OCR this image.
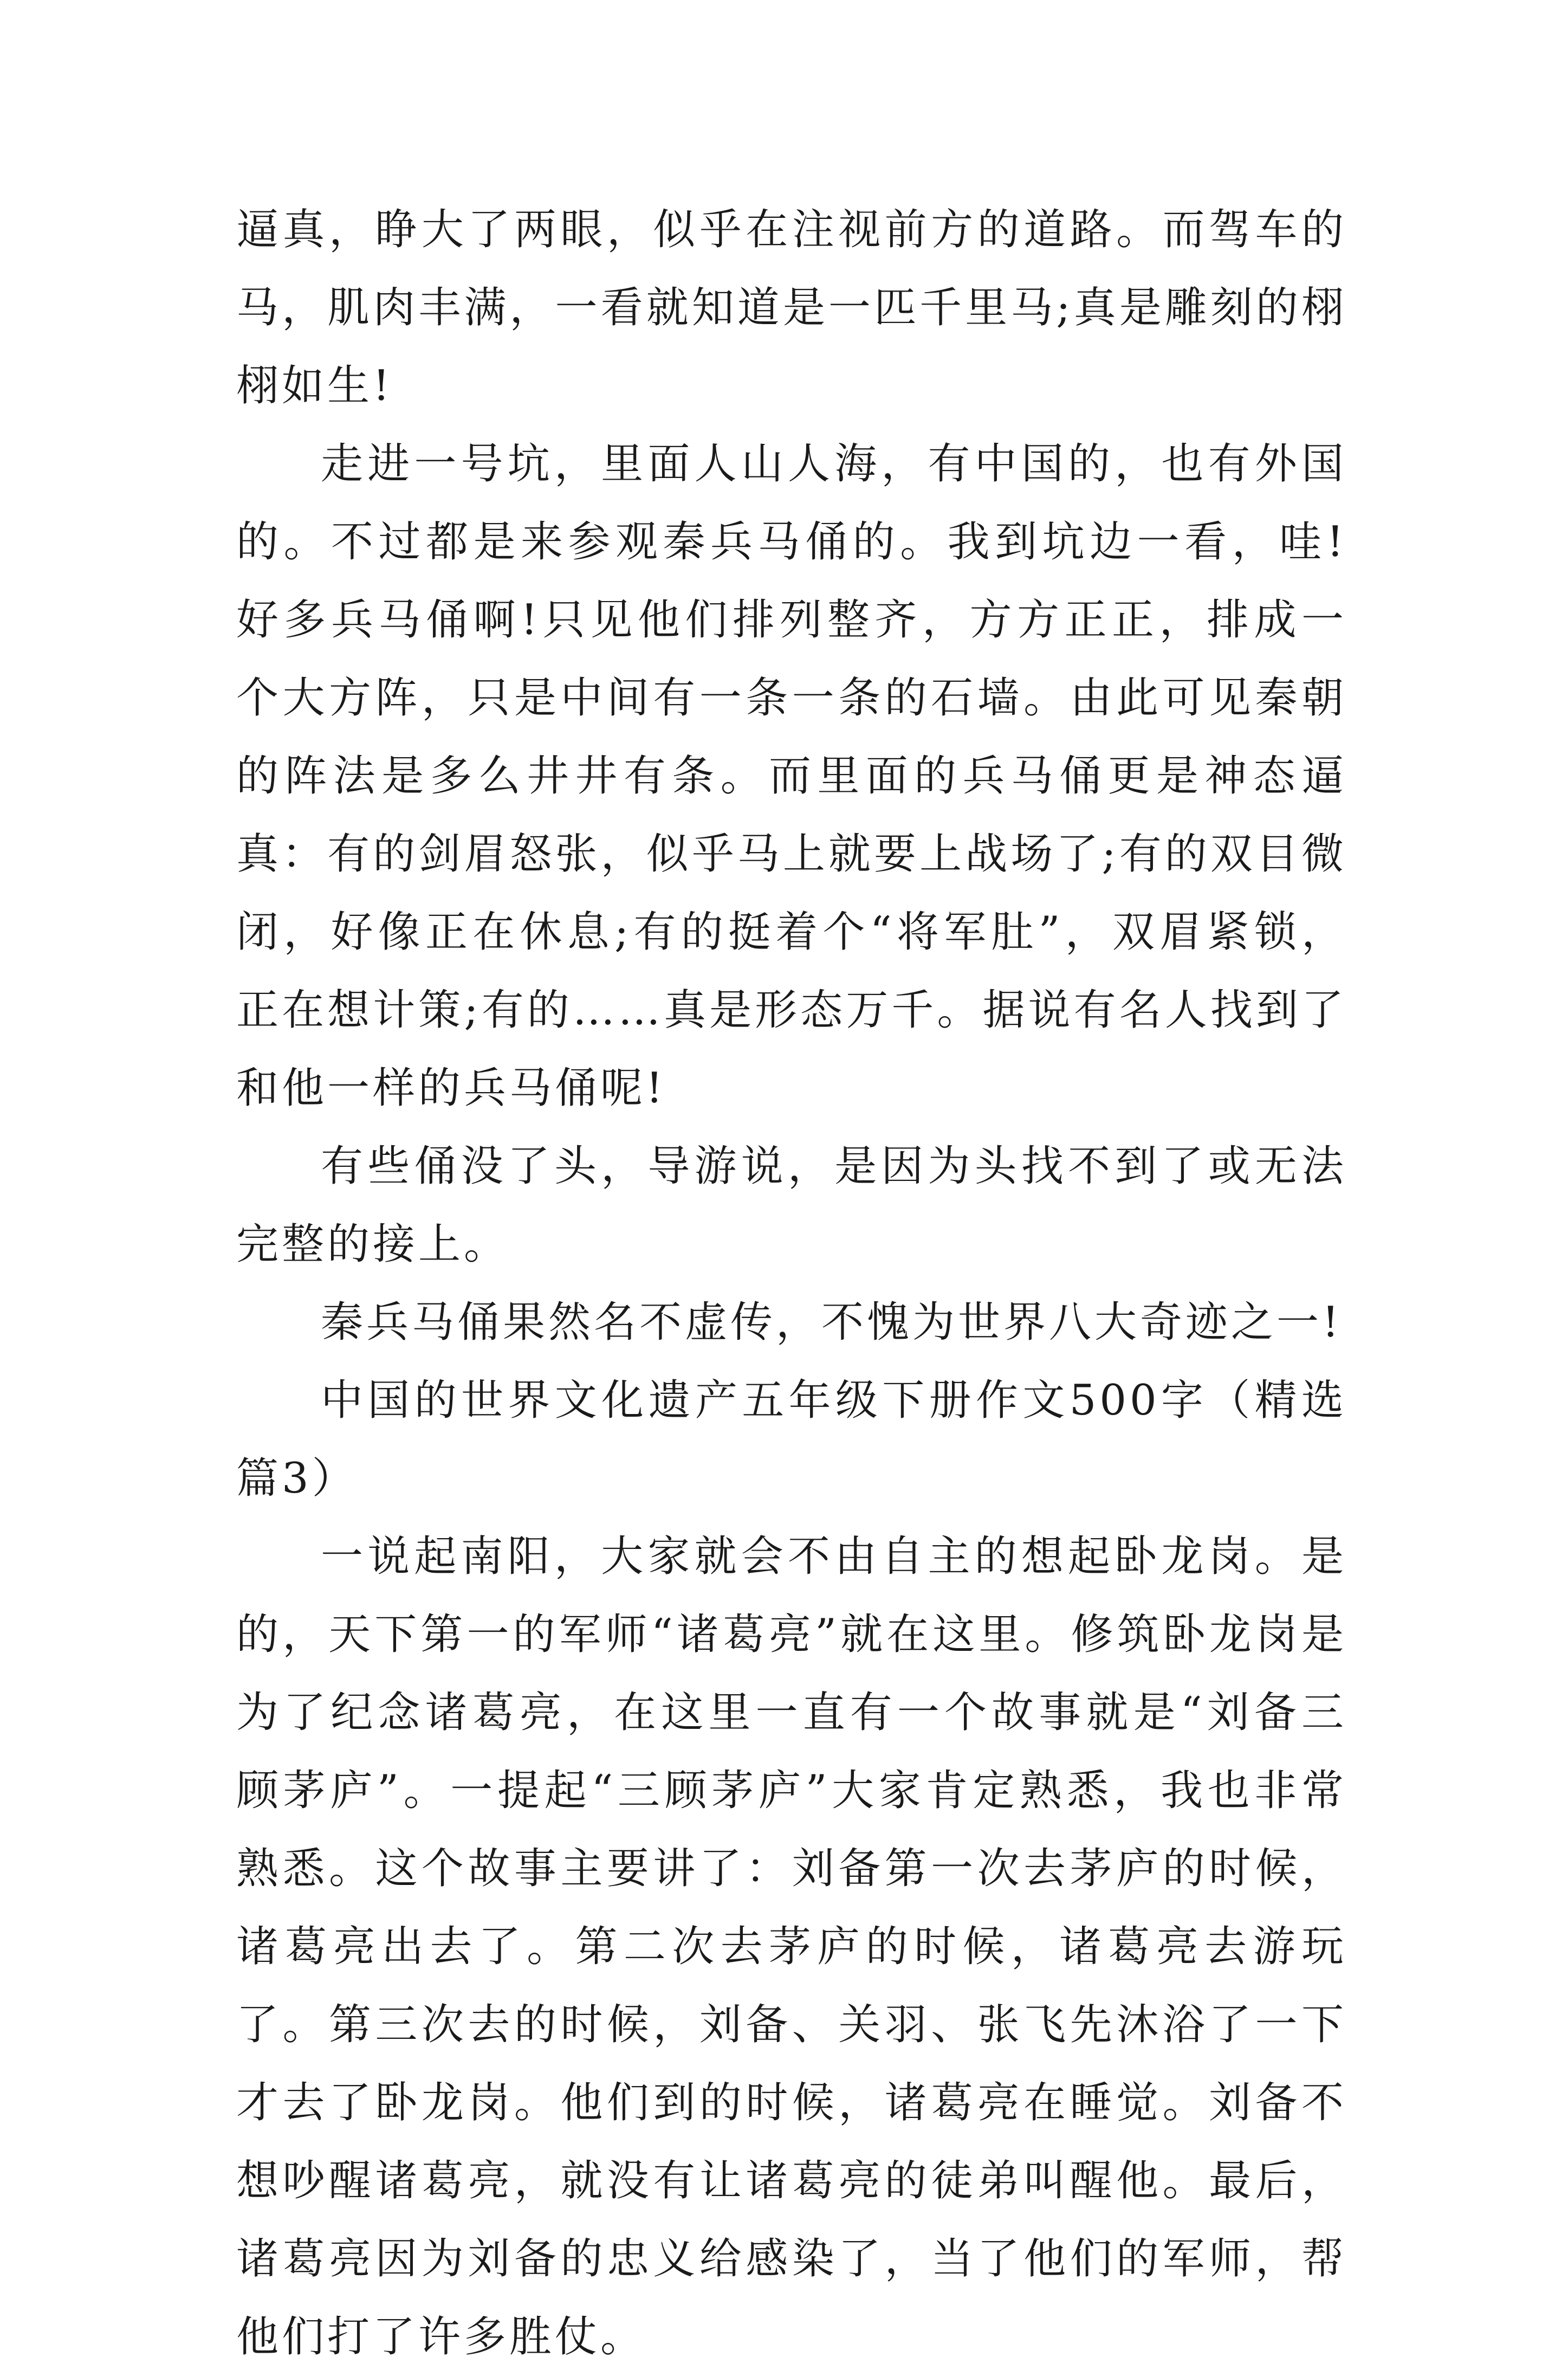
逼真，睁大了两眼，似乎在注视前方的道路。而驾车的马，肌肉丰满，一看就知道是一匹千里马;真是雕刻的栩栩如生!

走进一号坑，里面人山人海，有中国的，也有外国的。不过都是来参观秦兵马俑的。我到坑边一看，哇!好多兵马俑啊!只见他们排列整齐，方方正正，排成一个大方阵，只是中间有一条一条的石墙。由此可见秦朝的阵法是多么井井有条。而里面的兵马俑更是神态逼真：有的剑眉怒张，似乎马上就要上战场了;有的双目微闭，好像正在休息;有的挺着个“将军肚”，双眉紧锁，正在想计策;有的……真是形态万千。据说有名人找到了和他一样的兵马俑呢!

有些俑没了头，导游说，是因为头找不到了或无法完整的接上。

秦兵马俑果然名不虚传，不愧为世界八大奇迹之一!

中国的世界文化遗产五年级下册作文500字（精选篇3）

一说起南阳，大家就会不由自主的想起卧龙岗。是的，天下第一的军师“诸葛亮”就在这里。修筑卧龙岗是为了纪念诸葛亮，在这里一直有一个故事就是“刘备三顾茅庐”。一提起“三顾茅庐”大家肯定熟悉，我也非常熟悉。这个故事主要讲了：刘备第一次去茅庐的时候，诸葛亮出去了。第二次去茅庐的时候，诸葛亮去游玩了。第三次去的时候，刘备、关羽、张飞先沐浴了一下才去了卧龙岗。他们到的时候，诸葛亮在睡觉。刘备不想吵醒诸葛亮，就没有让诸葛亮的徒弟叫醒他。最后，诸葛亮因为刘备的忠义给感染了，当了他们的军师，帮他们打了许多胜仗。
